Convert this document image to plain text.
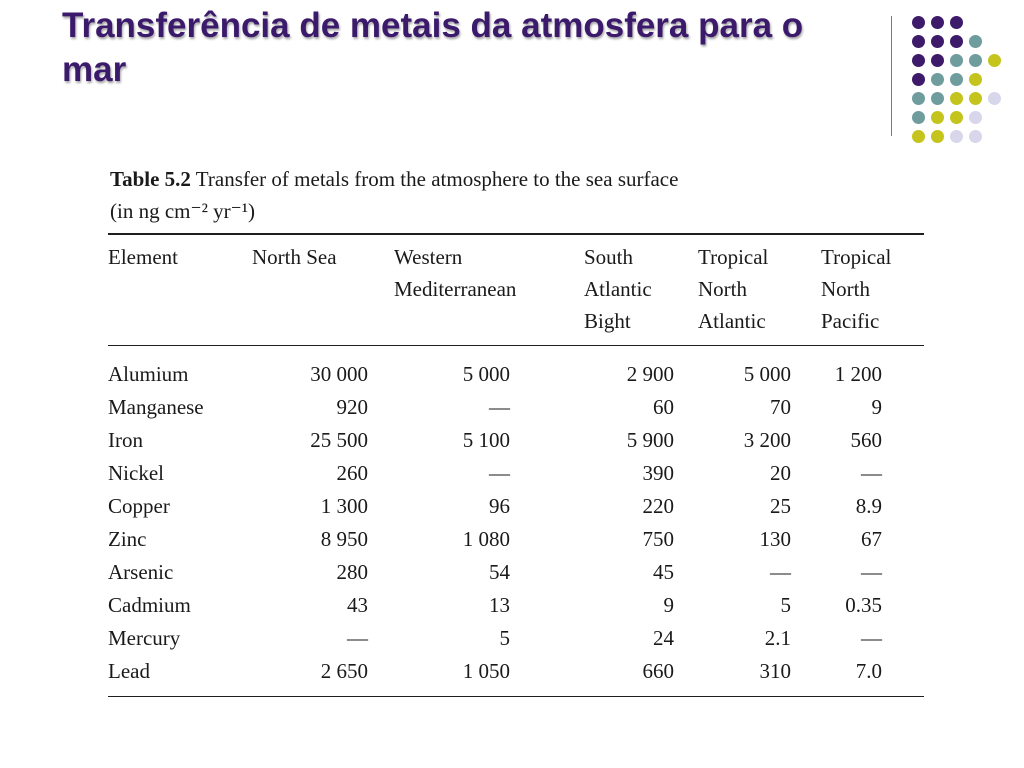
Transferência de metais da atmosfera para o mar

Table 5.2 Transfer of metals from the atmosphere to the sea surface
(in ng cm⁻² yr⁻¹)

Element	North Sea	Western Mediterranean	South Atlantic Bight	Tropical North Atlantic	Tropical North Pacific

Alumium	30 000	5 000	2 900	5 000	1 200
Manganese	920	—	60	70	9
Iron	25 500	5 100	5 900	3 200	560
Nickel	260	—	390	20	—
Copper	1 300	96	220	25	8.9
Zinc	8 950	1 080	750	130	67
Arsenic	280	54	45	—	—
Cadmium	43	13	9	5	0.35
Mercury	—	5	24	2.1	—
Lead	2 650	1 050	660	310	7.0
